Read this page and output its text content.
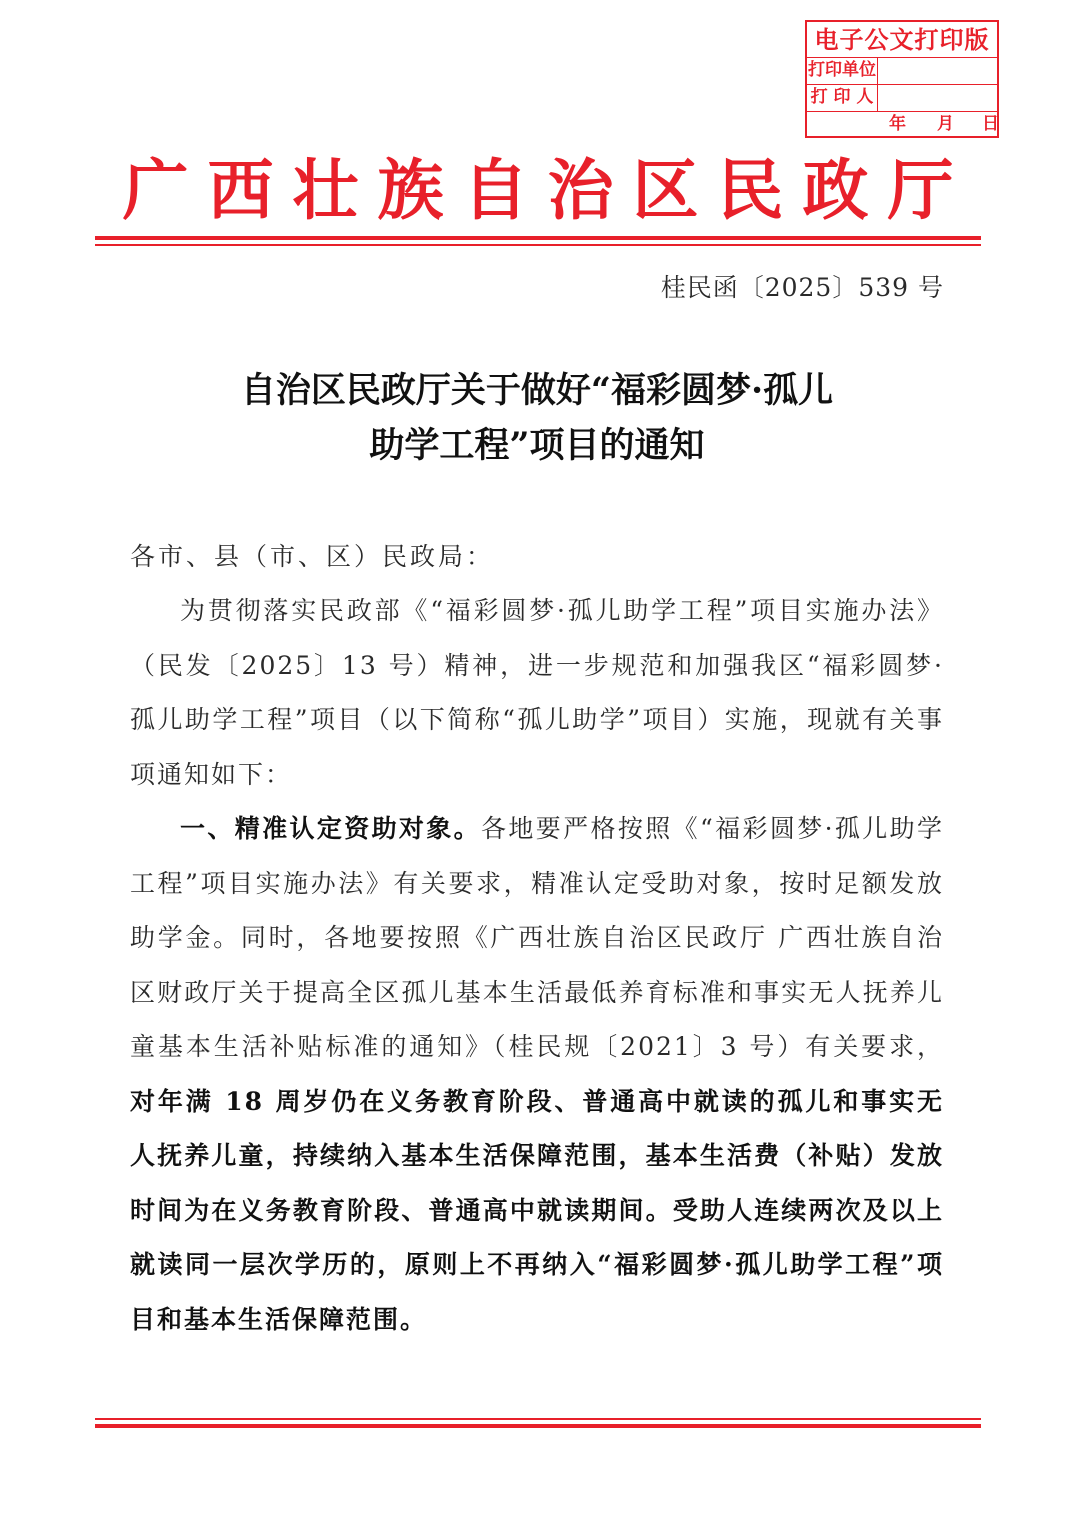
电子公文打印版
打印单位
打 印 人
年 月 日
广西壮族自治区民政厅
桂民函〔2025〕539 号
自治区民政厅关于做好“福彩圆梦·孤儿
助学工程”项目的通知
各市、县（市、区）民政局：
为贯彻落实民政部《“福彩圆梦·孤儿助学工程”项目实施办法》（民发〔2025〕13 号）精神，进一步规范和加强我区“福彩圆梦·孤儿助学工程”项目（以下简称“孤儿助学”项目）实施，现就有关事项通知如下：
一、精准认定资助对象。各地要严格按照《“福彩圆梦·孤儿助学工程”项目实施办法》有关要求，精准认定受助对象，按时足额发放助学金。同时，各地要按照《广西壮族自治区民政厅 广西壮族自治区财政厅关于提高全区孤儿基本生活最低养育标准和事实无人抚养儿童基本生活补贴标准的通知》（桂民规〔2021〕3 号）有关要求，对年满 18 周岁仍在义务教育阶段、普通高中就读的孤儿和事实无人抚养儿童，持续纳入基本生活保障范围，基本生活费（补贴）发放时间为在义务教育阶段、普通高中就读期间。受助人连续两次及以上就读同一层次学历的，原则上不再纳入“福彩圆梦·孤儿助学工程”项目和基本生活保障范围。
